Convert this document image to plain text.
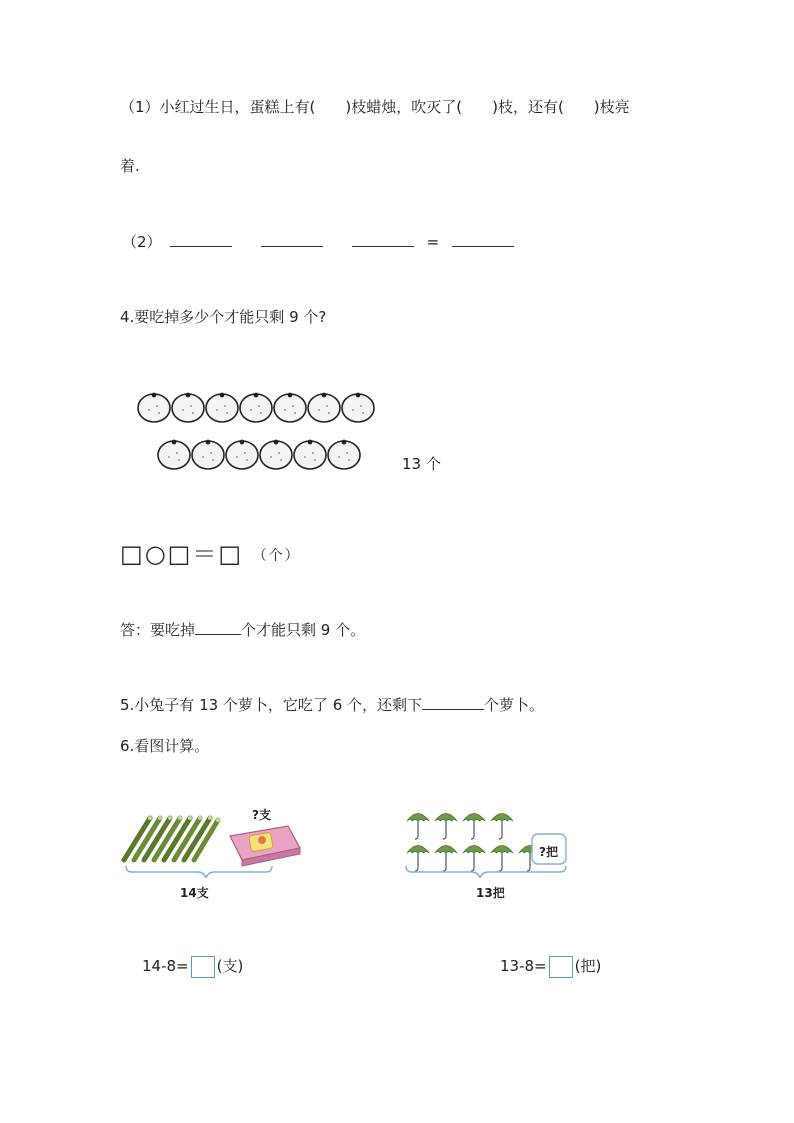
（1）小红过生日，蛋糕上有(　　)枝蜡烛，吹灭了(　　)枝，还有(　　)枝亮
着.
（2）	=
4.要吃掉多少个才能只剩 9 个?
13 个
□○□＝□ （个）
答：要吃掉	个才能只剩 9 个。
5.小兔子有 13 个萝卜，它吃了 6 个，还剩下	个萝卜。
6.看图计算。
?支
14支
?把
13把
14-8= (支)	13-8= (把)
